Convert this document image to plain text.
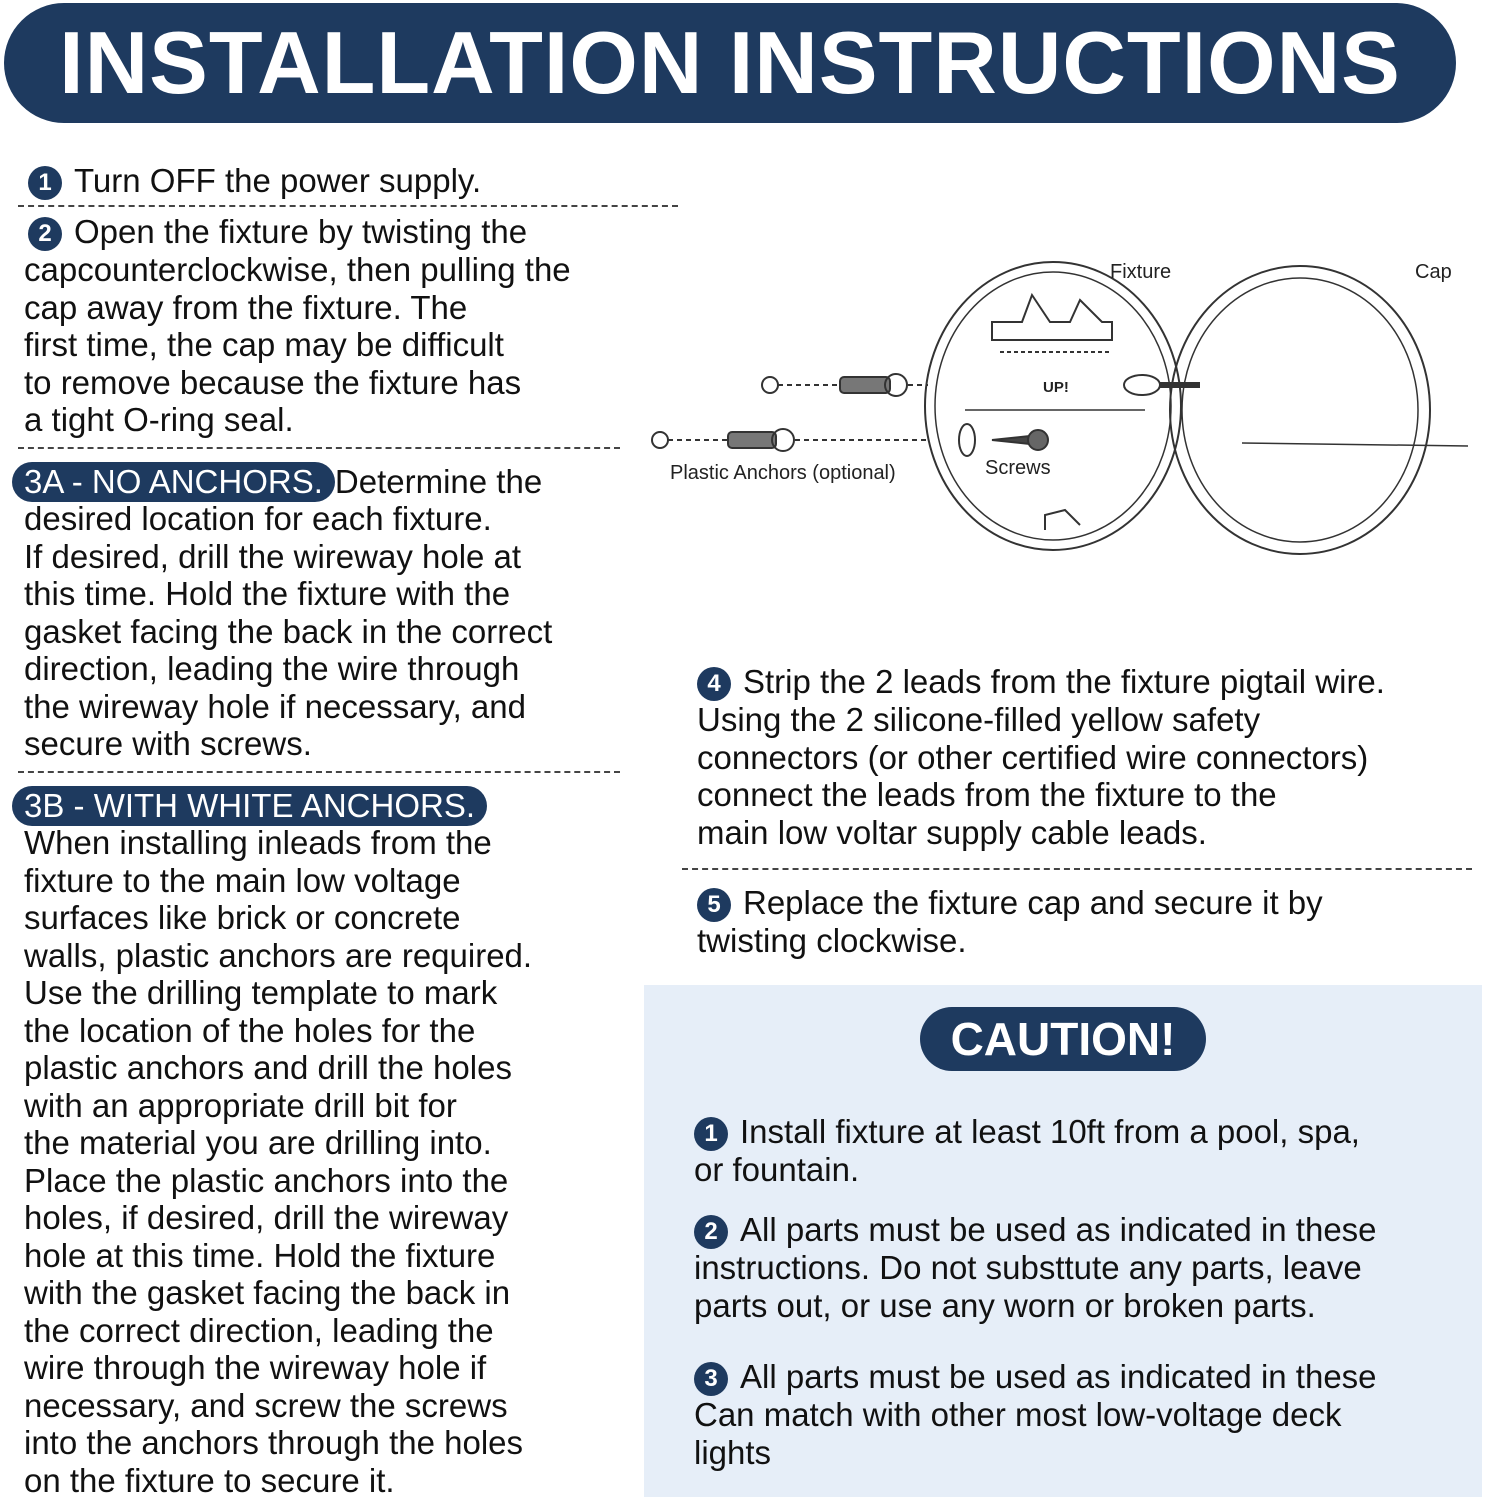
INSTALLATION INSTRUCTIONS
1 Turn OFF the power supply.
2 Open the fixture by twisting the
capcounterclockwise, then pulling the
cap away from the fixture. The
first time, the cap may be difficult
to remove because the fixture has
a tight O-ring seal.
3A - NO ANCHORS. Determine the
desired location for each fixture.
If desired, drill the wireway hole at
this time. Hold the fixture with the
gasket facing the back in the correct
direction, leading the wire through
the wireway hole if necessary, and
secure with screws.
3B - WITH WHITE ANCHORS.
When installing inleads from the
fixture to the main low voltage
surfaces like brick or concrete
walls, plastic anchors are required.
Use the drilling template to mark
the location of the holes for the
plastic anchors and drill the holes
with an appropriate drill bit for
the material you are drilling into.
Place the plastic anchors into the
holes, if desired, drill the wireway
hole at this time. Hold the fixture
with the gasket facing the back in
the correct direction, leading the
wire through the wireway hole if
necessary, and screw the screws
into the anchors through the holes
on the fixture to secure it.
Fixture	Cap
UP!
Screws
Plastic Anchors (optional)
4 Strip the 2 leads from the fixture pigtail wire.
Using the 2 silicone-filled yellow safety
connectors (or other certified wire connectors)
connect the leads from the fixture to the
main low voltar supply cable leads.
5 Replace the fixture cap and secure it by
twisting clockwise.
CAUTION!
1 Install fixture at least 10ft from a pool, spa,
or fountain.
2 All parts must be used as indicated in these
instructions. Do not substtute any parts, leave
parts out, or use any worn or broken parts.
3 All parts must be used as indicated in these
Can match with other most low-voltage deck
lights
